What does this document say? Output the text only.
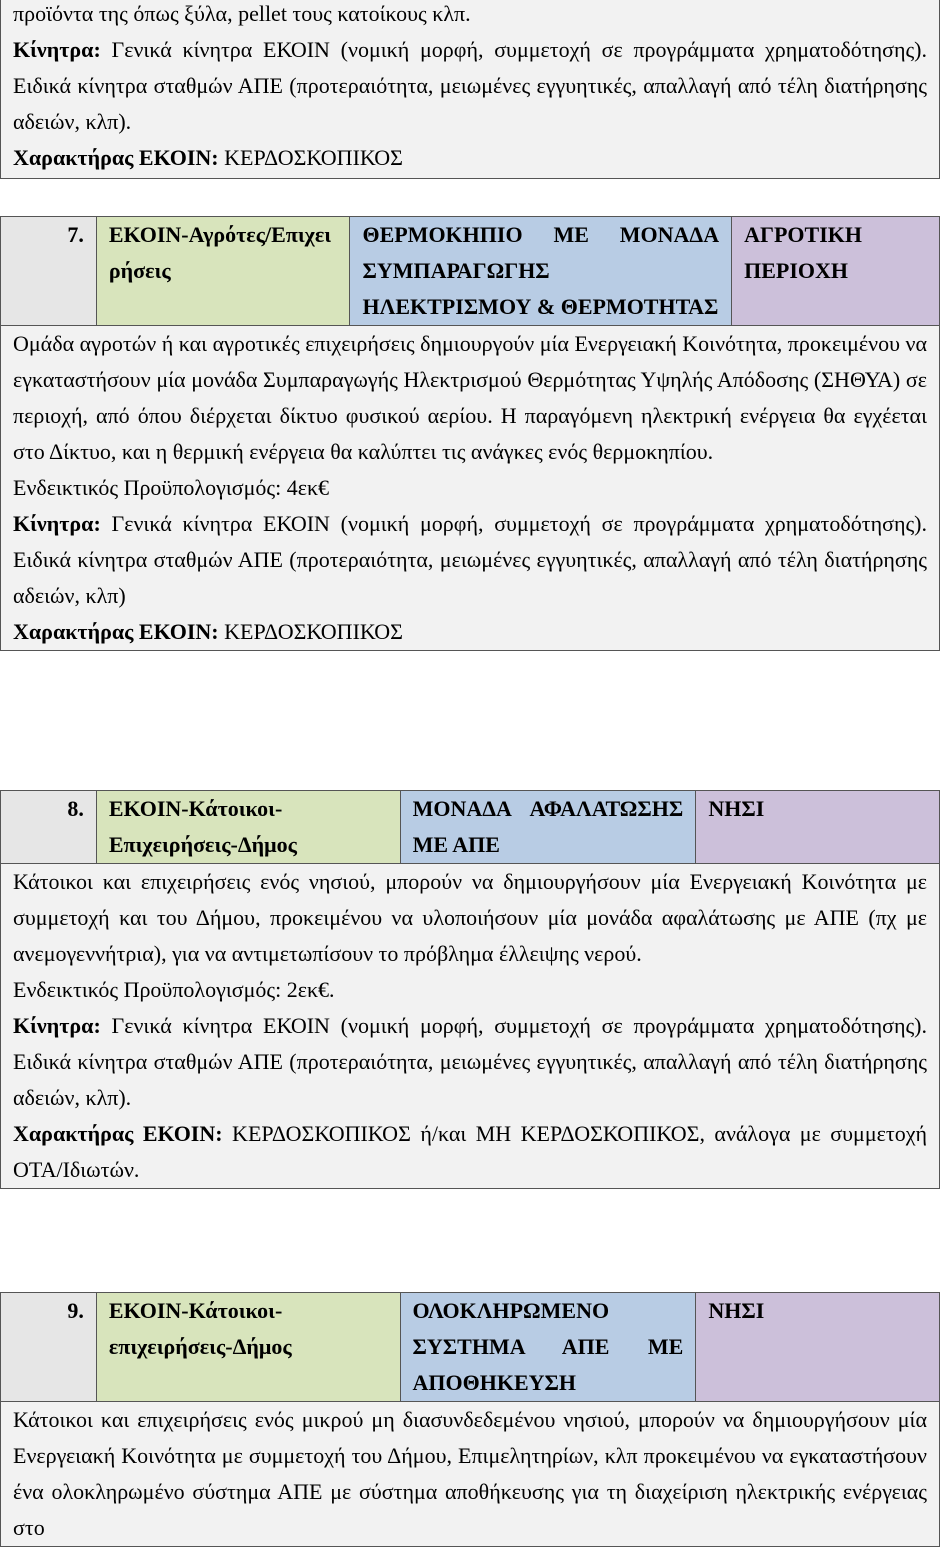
προϊόντα της όπως ξύλα, pellet τους κατοίκους κλπ.
Κίνητρα: Γενικά κίνητρα ΕΚΟΙΝ (νομική μορφή, συμμετοχή σε προγράμματα χρηματοδότησης). Ειδικά κίνητρα σταθμών ΑΠΕ (προτεραιότητα, μειωμένες εγγυητικές, απαλλαγή από τέλη διατήρησης αδειών, κλπ).
Χαρακτήρας ΕΚΟΙΝ: ΚΕΡΔΟΣΚΟΠΙΚΟΣ
7.	ΕΚΟΙΝ-Αγρότες/Επιχειρήσεις	ΘΕΡΜΟΚΗΠΙΟ ΜΕ ΜΟΝΑΔΑ ΣΥΜΠΑΡΑΓΩΓΗΣ ΗΛΕΚΤΡΙΣΜΟΥ & ΘΕΡΜΟΤΗΤΑΣ	ΑΓΡΟΤΙΚΗ ΠΕΡΙΟΧΗ

Ομάδα αγροτών ή και αγροτικές επιχειρήσεις δημιουργούν μία Ενεργειακή Κοινότητα, προκειμένου να εγκαταστήσουν μία μονάδα Συμπαραγωγής Ηλεκτρισμού Θερμότητας Υψηλής Απόδοσης (ΣΗΘΥΑ) σε περιοχή, από όπου διέρχεται δίκτυο φυσικού αερίου. Η παραγόμενη ηλεκτρική ενέργεια θα εγχέεται στο Δίκτυο, και η θερμική ενέργεια θα καλύπτει τις ανάγκες ενός θερμοκηπίου.
Ενδεικτικός Προϋπολογισμός: 4εκ€
Κίνητρα: Γενικά κίνητρα ΕΚΟΙΝ (νομική μορφή, συμμετοχή σε προγράμματα χρηματοδότησης). Ειδικά κίνητρα σταθμών ΑΠΕ (προτεραιότητα, μειωμένες εγγυητικές, απαλλαγή από τέλη διατήρησης αδειών, κλπ)
Χαρακτήρας ΕΚΟΙΝ: ΚΕΡΔΟΣΚΟΠΙΚΟΣ
8.	ΕΚΟΙΝ-Κάτοικοι-Επιχειρήσεις-Δήμος	ΜΟΝΑΔΑ ΑΦΑΛΑΤΩΣΗΣ ΜΕ ΑΠΕ	ΝΗΣΙ

Κάτοικοι και επιχειρήσεις ενός νησιού, μπορούν να δημιουργήσουν μία Ενεργειακή Κοινότητα με συμμετοχή και του Δήμου, προκειμένου να υλοποιήσουν μία μονάδα αφαλάτωσης με ΑΠΕ (πχ με ανεμογεννήτρια), για να αντιμετωπίσουν το πρόβλημα έλλειψης νερού.
Ενδεικτικός Προϋπολογισμός: 2εκ€.
Κίνητρα: Γενικά κίνητρα ΕΚΟΙΝ (νομική μορφή, συμμετοχή σε προγράμματα χρηματοδότησης). Ειδικά κίνητρα σταθμών ΑΠΕ (προτεραιότητα, μειωμένες εγγυητικές, απαλλαγή από τέλη διατήρησης αδειών, κλπ).
Χαρακτήρας ΕΚΟΙΝ: ΚΕΡΔΟΣΚΟΠΙΚΟΣ ή/και ΜΗ ΚΕΡΔΟΣΚΟΠΙΚΟΣ, ανάλογα με συμμετοχή ΟΤΑ/Ιδιωτών.
9.	ΕΚΟΙΝ-Κάτοικοι-επιχειρήσεις-Δήμος	ΟΛΟΚΛΗΡΩΜΕΝΟ ΣΥΣΤΗΜΑ ΑΠΕ ΜΕ ΑΠΟΘΗΚΕΥΣΗ	ΝΗΣΙ

Κάτοικοι και επιχειρήσεις ενός μικρού μη διασυνδεδεμένου νησιού, μπορούν να δημιουργήσουν μία Ενεργειακή Κοινότητα με συμμετοχή του Δήμου, Επιμελητηρίων, κλπ προκειμένου να εγκαταστήσουν ένα ολοκληρωμένο σύστημα ΑΠΕ με σύστημα αποθήκευσης για τη διαχείριση ηλεκτρικής ενέργειας στο
